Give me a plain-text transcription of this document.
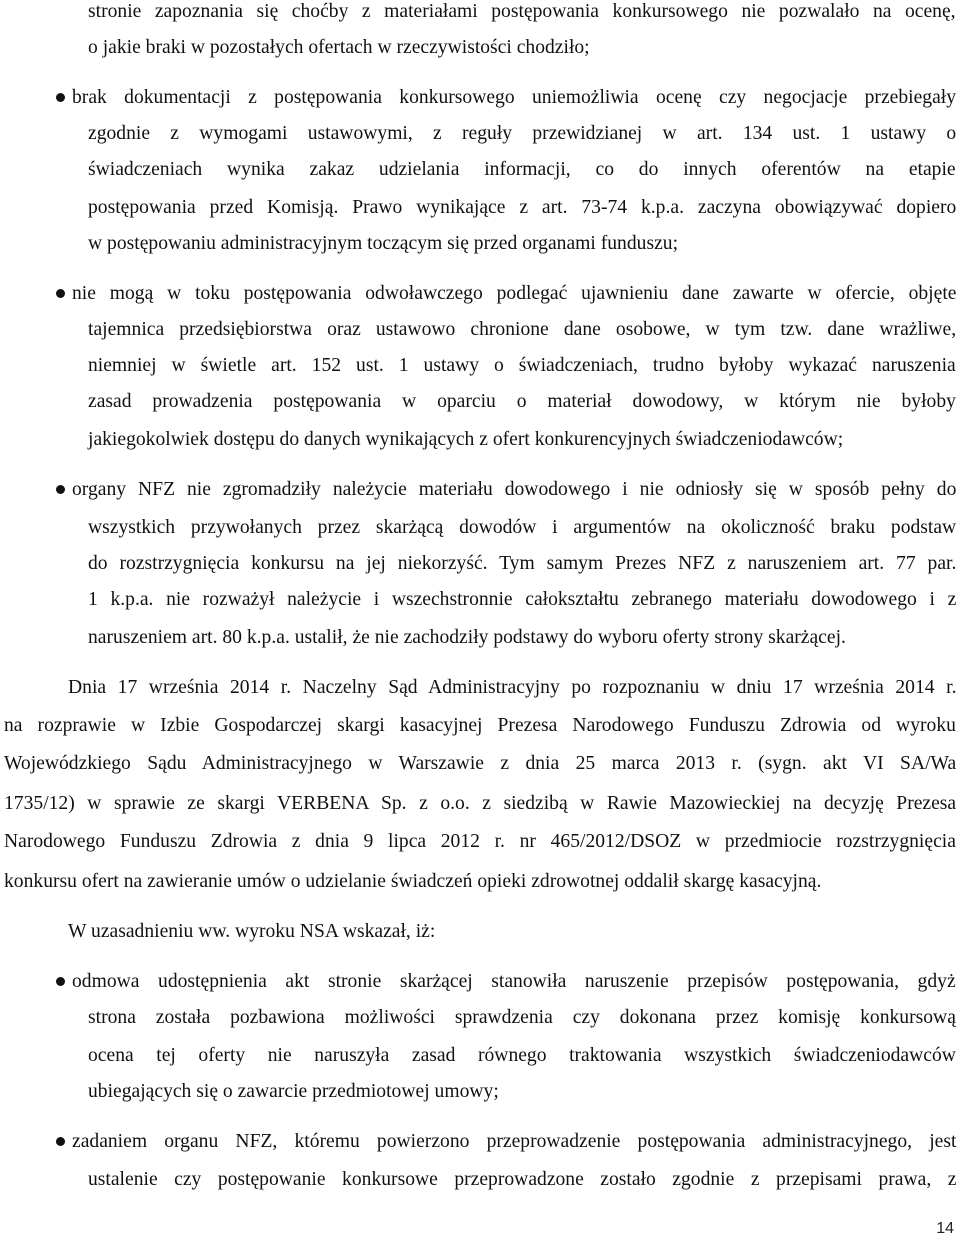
stronie zapoznania się choćby z materiałami postępowania konkursowego nie pozwalało na ocenę,
o jakie braki w pozostałych ofertach w rzeczywistości chodziło;
brak dokumentacji z postępowania konkursowego uniemożliwia ocenę czy negocjacje przebiegały
zgodnie z wymogami ustawowymi, z reguły przewidzianej w art. 134 ust. 1 ustawy o
świadczeniach wynika zakaz udzielania informacji, co do innych oferentów na etapie
postępowania przed Komisją. Prawo wynikające z art. 73-74 k.p.a. zaczyna obowiązywać dopiero
w postępowaniu administracyjnym toczącym się przed organami funduszu;
nie mogą w toku postępowania odwoławczego podlegać ujawnieniu dane zawarte w ofercie, objęte
tajemnica przedsiębiorstwa oraz ustawowo chronione dane osobowe, w tym tzw. dane wrażliwe,
niemniej w świetle art. 152 ust. 1 ustawy o świadczeniach, trudno byłoby wykazać naruszenia
zasad prowadzenia postępowania w oparciu o materiał dowodowy, w którym nie byłoby
jakiegokolwiek dostępu do danych wynikających z ofert konkurencyjnych świadczeniodawców;
organy NFZ nie zgromadziły należycie materiału dowodowego i nie odniosły się w sposób pełny do
wszystkich przywołanych przez skarżącą dowodów i argumentów na okoliczność braku podstaw
do rozstrzygnięcia konkursu na jej niekorzyść. Tym samym Prezes NFZ z naruszeniem art. 77 par.
1 k.p.a. nie rozważył należycie i wszechstronnie całokształtu zebranego materiału dowodowego i z
naruszeniem art. 80 k.p.a. ustalił, że nie zachodziły podstawy do wyboru oferty strony skarżącej.
Dnia 17 września 2014 r. Naczelny Sąd Administracyjny po rozpoznaniu w dniu 17 września 2014 r.
na rozprawie w Izbie Gospodarczej skargi kasacyjnej Prezesa Narodowego Funduszu Zdrowia od wyroku
Wojewódzkiego Sądu Administracyjnego w Warszawie z dnia 25 marca 2013 r. (sygn. akt VI SA/Wa
1735/12) w sprawie ze skargi VERBENA Sp. z o.o. z siedzibą w Rawie Mazowieckiej na decyzję Prezesa
Narodowego Funduszu Zdrowia z dnia 9 lipca 2012 r. nr 465/2012/DSOZ w przedmiocie rozstrzygnięcia
konkursu ofert na zawieranie umów o udzielanie świadczeń opieki zdrowotnej oddalił skargę kasacyjną.
W uzasadnieniu ww. wyroku NSA wskazał, iż:
odmowa udostępnienia akt stronie skarżącej stanowiła naruszenie przepisów postępowania, gdyż
strona została pozbawiona możliwości sprawdzenia czy dokonana przez komisję konkursową
ocena tej oferty nie naruszyła zasad równego traktowania wszystkich świadczeniodawców
ubiegających się o zawarcie przedmiotowej umowy;
zadaniem organu NFZ, któremu powierzono przeprowadzenie postępowania administracyjnego, jest
ustalenie czy postępowanie konkursowe przeprowadzone zostało zgodnie z przepisami prawa, z
14
